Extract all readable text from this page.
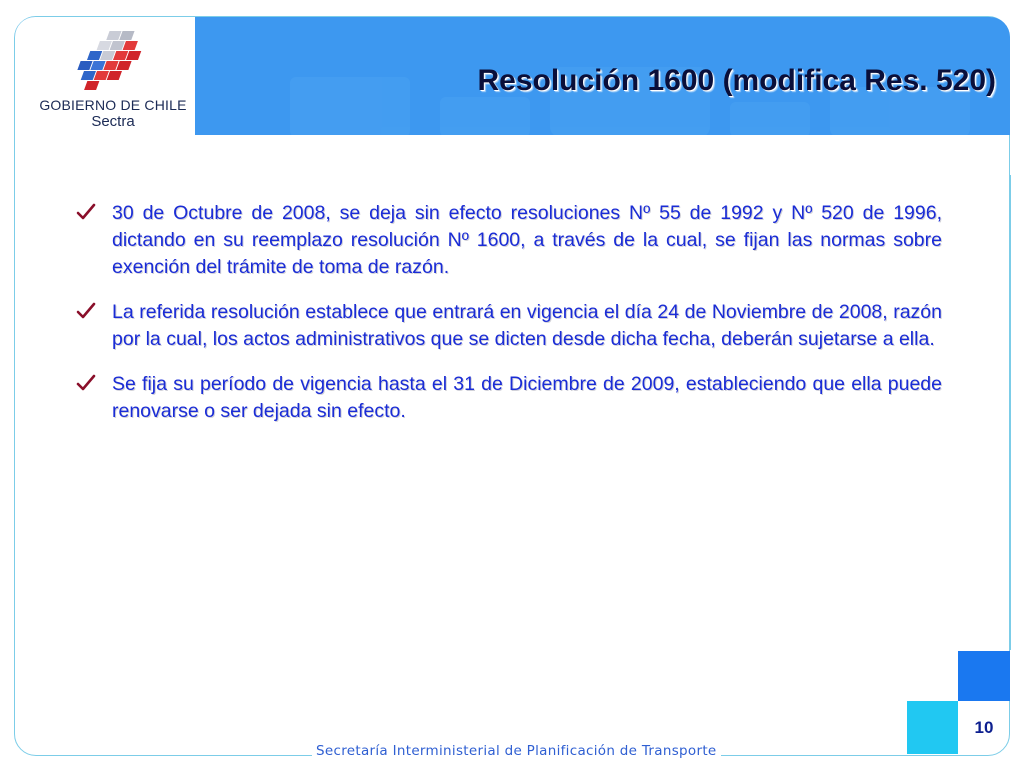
GOBIERNO DE CHILE
Sectra
Resolución 1600 (modifica Res. 520)
30 de Octubre de 2008, se deja sin efecto resoluciones Nº 55 de 1992 y Nº 520 de 1996, dictando en su reemplazo resolución Nº 1600, a través de la cual, se fijan las normas sobre exención del trámite de toma de razón.
La referida resolución establece que entrará en vigencia el día 24 de Noviembre de 2008, razón por la cual, los actos administrativos que se dicten desde dicha fecha, deberán sujetarse a ella.
Se fija su período de vigencia hasta el 31 de Diciembre de 2009, estableciendo que ella puede renovarse o ser dejada sin efecto.
10
Secretaría Interministerial de Planificación de Transporte
